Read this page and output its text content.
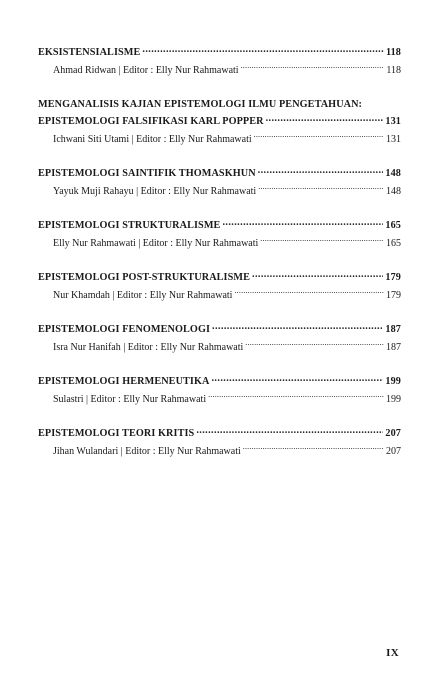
EKSISTENSIALISME .....	118
Ahmad Ridwan | Editor : Elly Nur Rahmawati .....	118
MENGANALISIS KAJIAN EPISTEMOLOGI ILMU PENGETAHUAN:
EPISTEMOLOGI FALSIFIKASI KARL POPPER .....	131
Ichwani Siti Utami | Editor : Elly Nur Rahmawati .....	131
EPISTEMOLOGI SAINTIFIK THOMASKHUN .....	148
Yayuk Muji Rahayu | Editor : Elly Nur Rahmawati .....	148
EPISTEMOLOGI STRUKTURALISME .....	165
Elly Nur Rahmawati | Editor : Elly Nur Rahmawati .....	165
EPISTEMOLOGI POST-STRUKTURALISME .....	179
Nur Khamdah | Editor : Elly Nur Rahmawati .....	179
EPISTEMOLOGI FENOMENOLOGI .....	187
Isra Nur Hanifah | Editor : Elly Nur Rahmawati .....	187
EPISTEMOLOGI HERMENEUTIKA .....	199
Sulastri | Editor : Elly Nur Rahmawati .....	199
EPISTEMOLOGI TEORI KRITIS .....	207
Jihan Wulandari | Editor : Elly Nur Rahmawati .....	207
IX
